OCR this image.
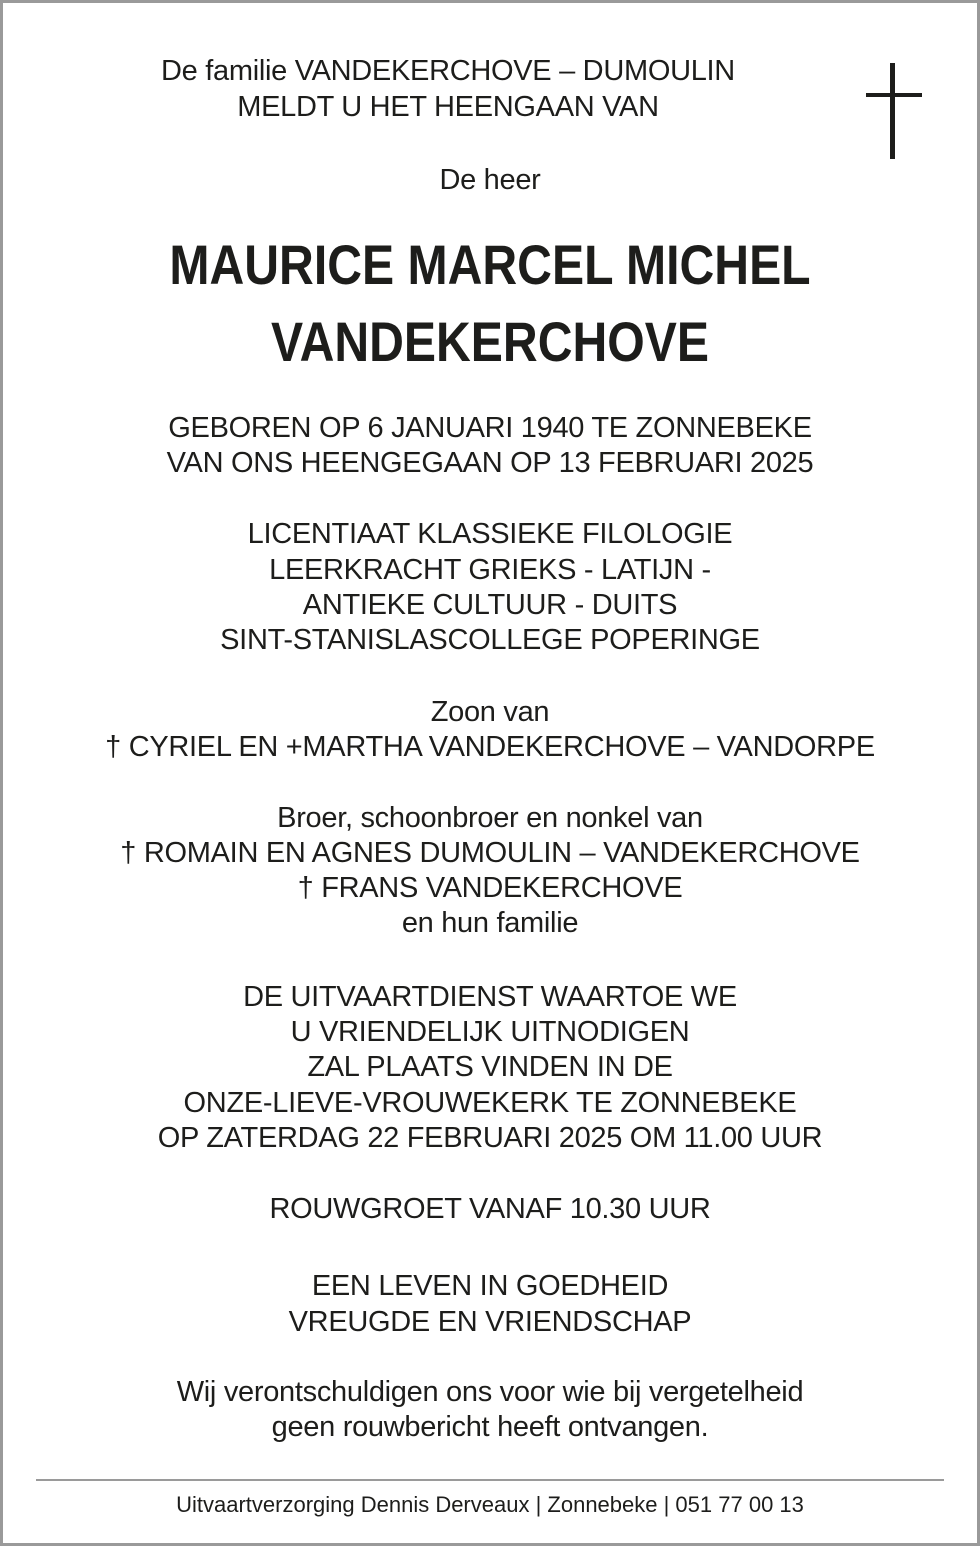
De familie VANDEKERCHOVE – DUMOULIN
MELDT U HET HEENGAAN VAN
De heer
MAURICE MARCEL MICHEL
VANDEKERCHOVE
GEBOREN OP 6 JANUARI 1940 TE ZONNEBEKE
VAN ONS HEENGEGAAN OP 13 FEBRUARI 2025
LICENTIAAT KLASSIEKE FILOLOGIE
LEERKRACHT GRIEKS - LATIJN -
ANTIEKE CULTUUR - DUITS
SINT-STANISLASCOLLEGE POPERINGE
Zoon van
† CYRIEL EN +MARTHA VANDEKERCHOVE – VANDORPE
Broer, schoonbroer en nonkel van
† ROMAIN EN AGNES DUMOULIN – VANDEKERCHOVE
† FRANS VANDEKERCHOVE
en hun familie
DE UITVAARTDIENST WAARTOE WE
U VRIENDELIJK UITNODIGEN
ZAL PLAATS VINDEN IN DE
ONZE-LIEVE-VROUWEKERK TE ZONNEBEKE
OP ZATERDAG 22 FEBRUARI 2025 OM 11.00 UUR
ROUWGROET VANAF 10.30 UUR
EEN LEVEN IN GOEDHEID
VREUGDE EN VRIENDSCHAP
Wij verontschuldigen ons voor wie bij vergetelheid
geen rouwbericht heeft ontvangen.
Uitvaartverzorging Dennis Derveaux | Zonnebeke | 051 77 00 13
